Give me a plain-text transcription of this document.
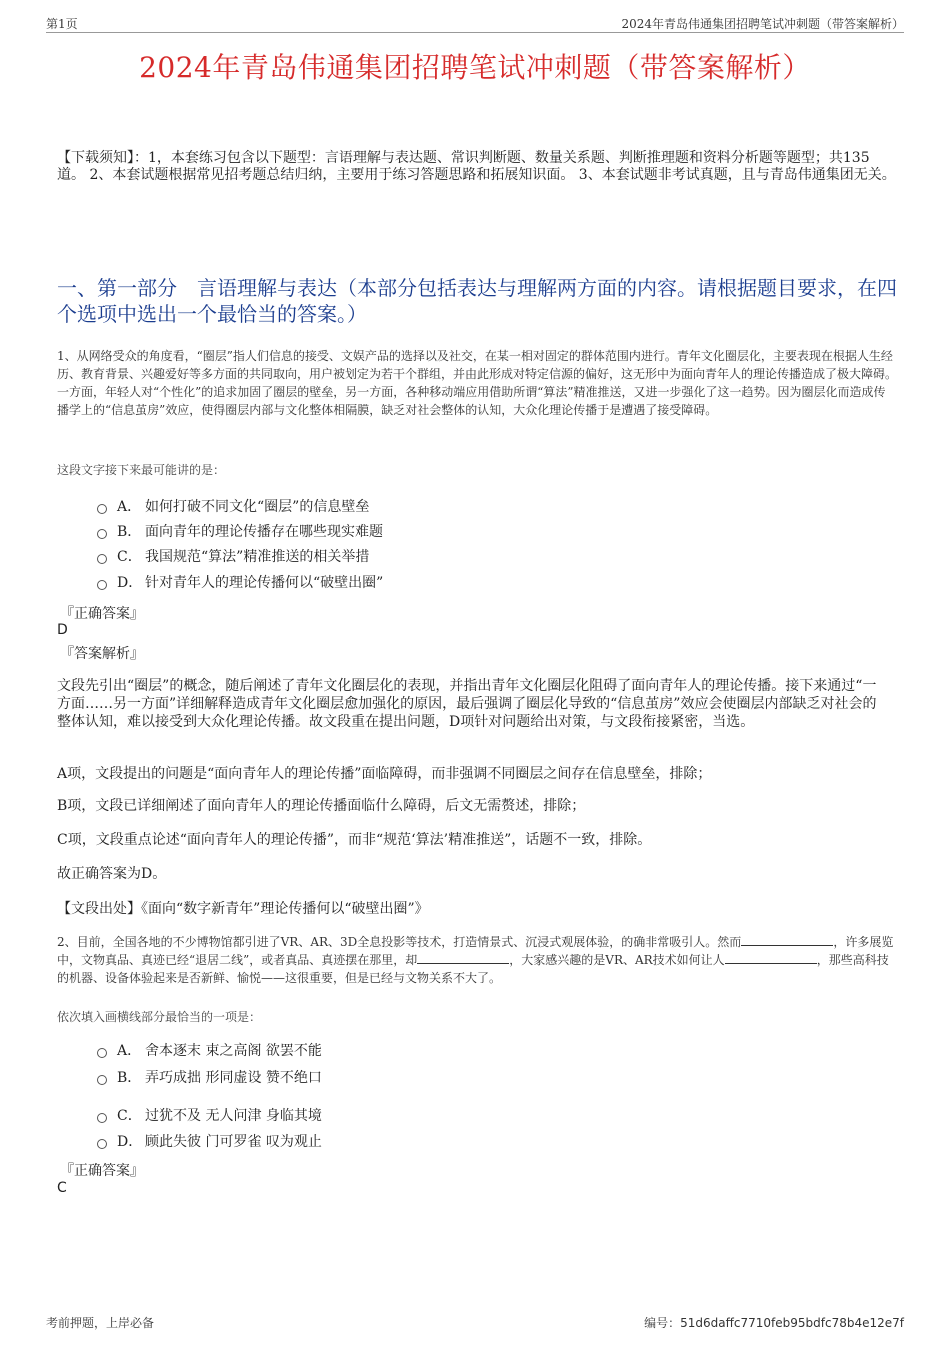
第1页	2024年青岛伟通集团招聘笔试冲刺题（带答案解析）
2024年青岛伟通集团招聘笔试冲刺题（带答案解析）
【下载须知】：1，本套练习包含以下题型：言语理解与表达题、常识判断题、数量关系题、判断推理题和资料分析题等题型；共135道。 2、本套试题根据常见招考题总结归纳，主要用于练习答题思路和拓展知识面。 3、本套试题非考试真题，且与青岛伟通集团无关。
一、第一部分　言语理解与表达（本部分包括表达与理解两方面的内容。请根据题目要求，在四个选项中选出一个最恰当的答案。）
1、从网络受众的角度看，“圈层”指人们信息的接受、文娱产品的选择以及社交，在某一相对固定的群体范围内进行。青年文化圈层化，主要表现在根据人生经历、教育背景、兴趣爱好等多方面的共同取向，用户被划定为若干个群组，并由此形成对特定信源的偏好，这无形中为面向青年人的理论传播造成了极大障碍。一方面，年轻人对“个性化”的追求加固了圈层的壁垒，另一方面，各种移动端应用借助所谓“算法”精准推送，又进一步强化了这一趋势。因为圈层化而造成传播学上的“信息茧房”效应，使得圈层内部与文化整体相隔膜，缺乏对社会整体的认知，大众化理论传播于是遭遇了接受障碍。
这段文字接下来最可能讲的是：
A． 如何打破不同文化“圈层”的信息壁垒
B． 面向青年的理论传播存在哪些现实难题
C． 我国规范“算法”精准推送的相关举措
D． 针对青年人的理论传播何以“破壁出圈”
『正确答案』
D
『答案解析』
文段先引出“圈层”的概念，随后阐述了青年文化圈层化的表现，并指出青年文化圈层化阻碍了面向青年人的理论传播。接下来通过“一方面……另一方面”详细解释造成青年文化圈层愈加强化的原因，最后强调了圈层化导致的“信息茧房”效应会使圈层内部缺乏对社会的整体认知，难以接受到大众化理论传播。故文段重在提出问题，D项针对问题给出对策，与文段衔接紧密，当选。
A项，文段提出的问题是“面向青年人的理论传播”面临障碍，而非强调不同圈层之间存在信息壁垒，排除；
B项，文段已详细阐述了面向青年人的理论传播面临什么障碍，后文无需赘述，排除；
C项，文段重点论述“面向青年人的理论传播”，而非“规范‘算法’精准推送”，话题不一致，排除。
故正确答案为D。
【文段出处】《面向“数字新青年”理论传播何以“破壁出圈”》
2、目前，全国各地的不少博物馆都引进了VR、AR、3D全息投影等技术，打造情景式、沉浸式观展体验，的确非常吸引人。然而	，许多展览中，文物真品、真迹已经“退居二线”，或者真品、真迹摆在那里，却	，大家感兴趣的是VR、AR技术如何让人	，那些高科技的机器、设备体验起来是否新鲜、愉悦——这很重要，但是已经与文物关系不大了。
依次填入画横线部分最恰当的一项是：
A． 舍本逐末 束之高阁 欲罢不能
B． 弄巧成拙 形同虚设 赞不绝口
C． 过犹不及 无人问津 身临其境
D． 顾此失彼 门可罗雀 叹为观止
『正确答案』
C
考前押题，上岸必备	编号：51d6daffc7710feb95bdfc78b4e12e7f
